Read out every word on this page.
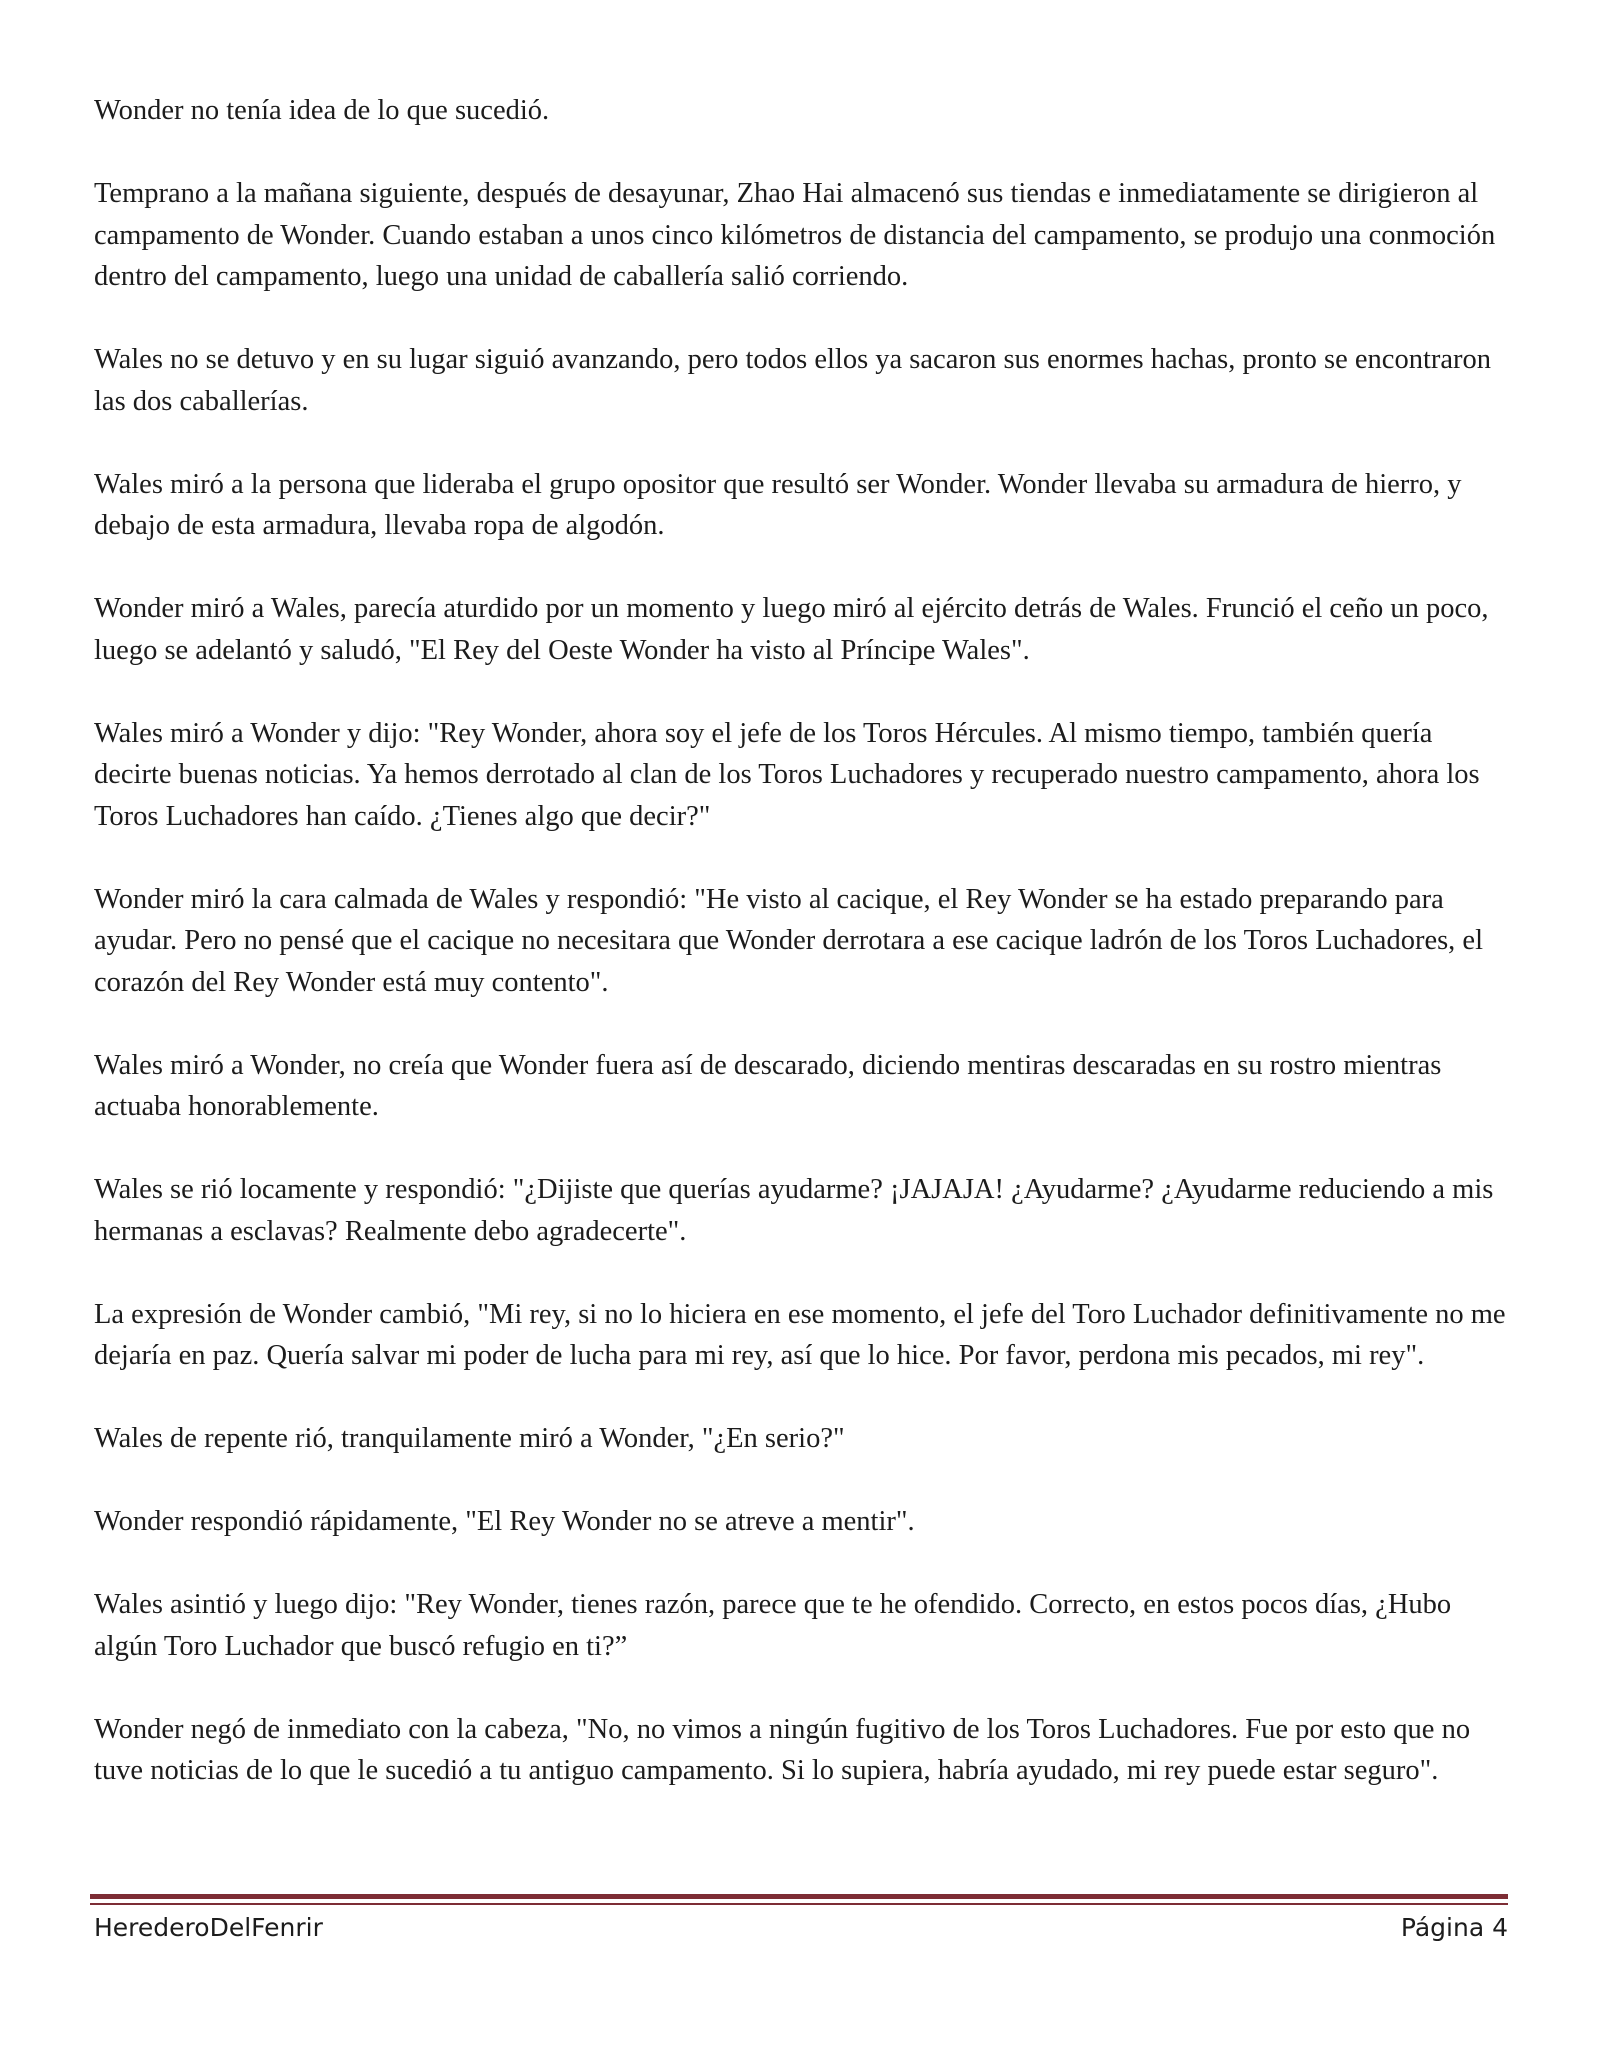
Wonder no tenía idea de lo que sucedió.

Temprano a la mañana siguiente, después de desayunar, Zhao Hai almacenó sus tiendas e inmediatamente se dirigieron al campamento de Wonder. Cuando estaban a unos cinco kilómetros de distancia del campamento, se produjo una conmoción dentro del campamento, luego una unidad de caballería salió corriendo.

Wales no se detuvo y en su lugar siguió avanzando, pero todos ellos ya sacaron sus enormes hachas, pronto se encontraron las dos caballerías.

Wales miró a la persona que lideraba el grupo opositor que resultó ser Wonder. Wonder llevaba su armadura de hierro, y debajo de esta armadura, llevaba ropa de algodón.

Wonder miró a Wales, parecía aturdido por un momento y luego miró al ejército detrás de Wales. Frunció el ceño un poco, luego se adelantó y saludó, "El Rey del Oeste Wonder ha visto al Príncipe Wales".

Wales miró a Wonder y dijo: "Rey Wonder, ahora soy el jefe de los Toros Hércules. Al mismo tiempo, también quería decirte buenas noticias. Ya hemos derrotado al clan de los Toros Luchadores y recuperado nuestro campamento, ahora los Toros Luchadores han caído. ¿Tienes algo que decir?"

Wonder miró la cara calmada de Wales y respondió: "He visto al cacique, el Rey Wonder se ha estado preparando para ayudar. Pero no pensé que el cacique no necesitara que Wonder derrotara a ese cacique ladrón de los Toros Luchadores, el corazón del Rey Wonder está muy contento".

Wales miró a Wonder, no creía que Wonder fuera así de descarado, diciendo mentiras descaradas en su rostro mientras actuaba honorablemente.

Wales se rió locamente y respondió: "¿Dijiste que querías ayudarme? ¡JAJAJA! ¿Ayudarme? ¿Ayudarme reduciendo a mis hermanas a esclavas? Realmente debo agradecerte".

La expresión de Wonder cambió, "Mi rey, si no lo hiciera en ese momento, el jefe del Toro Luchador definitivamente no me dejaría en paz. Quería salvar mi poder de lucha para mi rey, así que lo hice. Por favor, perdona mis pecados, mi rey".

Wales de repente rió, tranquilamente miró a Wonder, "¿En serio?"

Wonder respondió rápidamente, "El Rey Wonder no se atreve a mentir".

Wales asintió y luego dijo: "Rey Wonder, tienes razón, parece que te he ofendido. Correcto, en estos pocos días, ¿Hubo algún Toro Luchador que buscó refugio en ti?”

Wonder negó de inmediato con la cabeza, "No, no vimos a ningún fugitivo de los Toros Luchadores. Fue por esto que no tuve noticias de lo que le sucedió a tu antiguo campamento. Si lo supiera, habría ayudado, mi rey puede estar seguro".

HerederoDelFenrir	Página 4
